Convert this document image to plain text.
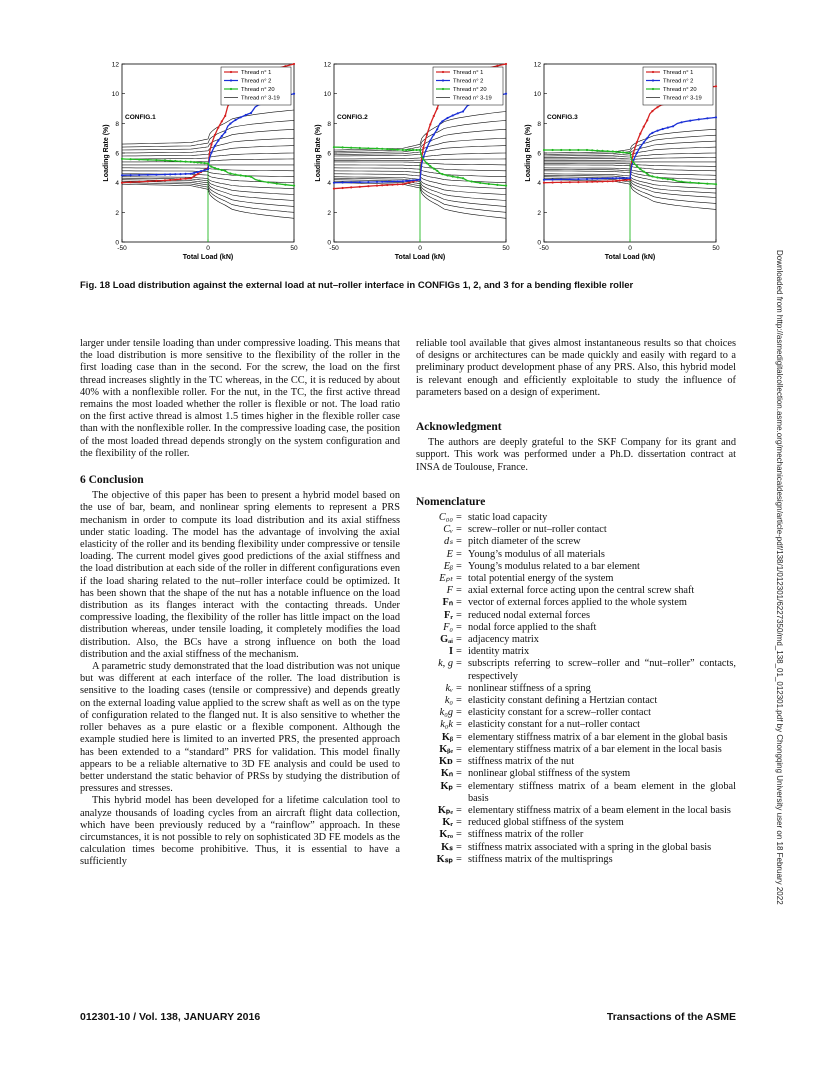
0
2
4
6
8
10
12
-50	0	50
Total Load (kN)
Loading Rate (%)
CONFIG.1
Thread n° 1
Thread n° 2
Thread n° 20
Thread n° 3-19
0
2
4
6
8
10
12
-50	0	50
Total Load (kN)
Loading Rate (%)
CONFIG.2
Thread n° 1
Thread n° 2
Thread n° 20
Thread n° 3-19
0
2
4
6
8
10
12
-50	0	50
Total Load (kN)
Loading Rate (%)
CONFIG.3
Thread n° 1
Thread n° 2
Thread n° 20
Thread n° 3-19
Fig. 18 Load distribution against the external load at nut–roller interface in CONFIGs 1, 2, and 3 for a bending flexible roller

larger under tensile loading than under compressive loading. This means that the load distribution is more sensitive to the flexibility of the roller in the first loading case than in the second. For the screw, the load on the first thread increases slightly in the TC whereas, in the CC, it is reduced by about 40% with a nonflexible roller. For the nut, in the TC, the first active thread remains the most loaded whether the roller is flexible or not. The load ratio on the first active thread is almost 1.5 times higher in the flexible roller case than with the nonflexible roller. In the compressive loading case, the position of the most loaded thread depends strongly on the system configuration and the flexibility of the roller.

6 Conclusion

The objective of this paper has been to present a hybrid model based on the use of bar, beam, and nonlinear spring elements to represent a PRS mechanism in order to compute its load distribution and its axial stiffness under static loading. The model has the advantage of involving the axial elasticity of the roller and its bending flexibility under compressive or tensile loading. The current model gives good predictions of the axial stiffness and the load distribution at each side of the roller in different configurations even if the load sharing related to the nut–roller interface could be optimized. It has been shown that the shape of the nut has a notable influence on the load distribution as its flanges interact with the contacting threads. Under compressive loading, the flexibility of the roller has little impact on the load distribution whereas, under tensile loading, it completely modifies the load distribution. Also, the BCs have a strong influence on both the load distribution and the axial stiffness of the mechanism.

A parametric study demonstrated that the load distribution was not unique but was different at each interface of the roller. The load distribution is sensitive to the loading cases (tensile or compressive) and depends greatly on the external loading value applied to the screw shaft as well as on the type of configuration related to the flanged nut. It is also sensitive to whether the roller behaves as a pure elastic or a flexible component. Although the example studied here is limited to an inverted PRS, the presented approach has been extended to a “standard” PRS for validation. This model finally appears to be a reliable alternative to 3D FE analysis and could be used to better understand the static behavior of PRSs by studying the distribution of pressures and stresses.

This hybrid model has been developed for a lifetime calculation tool to analyze thousands of loading cycles from an aircraft flight data collection, which have been previously reduced by a “rainflow” approach. In these circumstances, it is not possible to rely on sophisticated 3D FE models as the calculation times become prohibitive. Thus, it is essential to have a sufficiently

reliable tool available that gives almost instantaneous results so that choices of designs or architectures can be made quickly and easily with regard to a preliminary product development phase of any PRS. Also, this hybrid model is relevant enough and efficiently exploitable to study the influence of parameters based on a design of experiment.

Acknowledgment

The authors are deeply grateful to the SKF Company for its grant and support. This work was performed under a Ph.D. dissertation contract at INSA de Toulouse, France.

Nomenclature
C₀₀ = static load capacity
Cᵥ = screw–roller or nut–roller contact
dₛ = pitch diameter of the screw
E = Young’s modulus of all materials
Eᵦ = Young’s modulus related to a bar element
Eₚₜ = total potential energy of the system
F = axial external force acting upon the central screw shaft
Fₙ = vector of external forces applied to the whole system
Fᵣ = reduced nodal external forces
F₀ = nodal force applied to the shaft
Gₐᵢ = adjacency matrix
I = identity matrix
k, g = subscripts referring to screw–roller and “nut–roller” contacts, respectively
kᵥ = nonlinear stiffness of a spring
k₀ = elasticity constant defining a Hertzian contact
k₀g = elasticity constant for a screw–roller contact
k₀k = elasticity constant for a nut–roller contact
Kᵦ = elementary stiffness matrix of a bar element in the global basis
Kᵦₑ = elementary stiffness matrix of a bar element in the local basis
Kᴅ = stiffness matrix of the nut
Kₙ = nonlinear global stiffness of the system
Kₚ = elementary stiffness matrix of a beam element in the global basis
Kₚₑ = elementary stiffness matrix of a beam element in the local basis
Kᵣ = reduced global stiffness of the system
Kᵣₒ = stiffness matrix of the roller
Kₛ = stiffness matrix associated with a spring in the global basis
Kₛₚ = stiffness matrix of the multisprings
012301-10 / Vol. 138, JANUARY 2016	Transactions of the ASME
Downloaded from http://asmedigitalcollection.asme.org/mechanicaldesign/article-pdf/138/1/012301/6227350/md_138_01_012301.pdf by Chongqing University user on 18 February 2022
